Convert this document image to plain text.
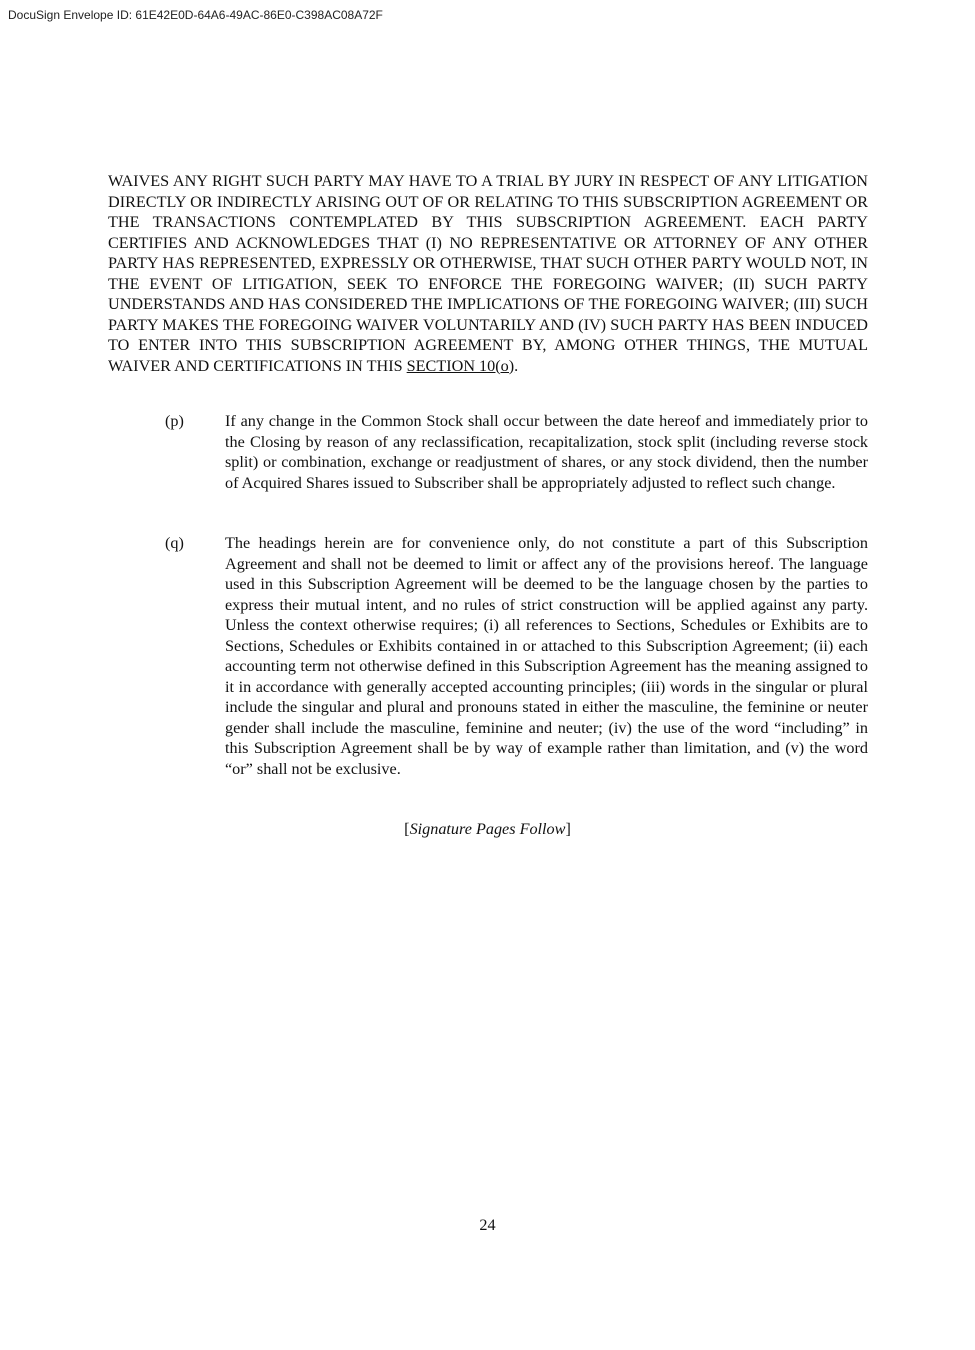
DocuSign Envelope ID: 61E42E0D-64A6-49AC-86E0-C398AC08A72F
WAIVES ANY RIGHT SUCH PARTY MAY HAVE TO A TRIAL BY JURY IN RESPECT OF ANY LITIGATION DIRECTLY OR INDIRECTLY ARISING OUT OF OR RELATING TO THIS SUBSCRIPTION AGREEMENT OR THE TRANSACTIONS CONTEMPLATED BY THIS SUBSCRIPTION AGREEMENT. EACH PARTY CERTIFIES AND ACKNOWLEDGES THAT (I) NO REPRESENTATIVE OR ATTORNEY OF ANY OTHER PARTY HAS REPRESENTED, EXPRESSLY OR OTHERWISE, THAT SUCH OTHER PARTY WOULD NOT, IN THE EVENT OF LITIGATION, SEEK TO ENFORCE THE FOREGOING WAIVER; (II) SUCH PARTY UNDERSTANDS AND HAS CONSIDERED THE IMPLICATIONS OF THE FOREGOING WAIVER; (III) SUCH PARTY MAKES THE FOREGOING WAIVER VOLUNTARILY AND (IV) SUCH PARTY HAS BEEN INDUCED TO ENTER INTO THIS SUBSCRIPTION AGREEMENT BY, AMONG OTHER THINGS, THE MUTUAL WAIVER AND CERTIFICATIONS IN THIS SECTION 10(o).
(p)	If any change in the Common Stock shall occur between the date hereof and immediately prior to the Closing by reason of any reclassification, recapitalization, stock split (including reverse stock split) or combination, exchange or readjustment of shares, or any stock dividend, then the number of Acquired Shares issued to Subscriber shall be appropriately adjusted to reflect such change.
(q)	The headings herein are for convenience only, do not constitute a part of this Subscription Agreement and shall not be deemed to limit or affect any of the provisions hereof. The language used in this Subscription Agreement will be deemed to be the language chosen by the parties to express their mutual intent, and no rules of strict construction will be applied against any party. Unless the context otherwise requires; (i) all references to Sections, Schedules or Exhibits are to Sections, Schedules or Exhibits contained in or attached to this Subscription Agreement; (ii) each accounting term not otherwise defined in this Subscription Agreement has the meaning assigned to it in accordance with generally accepted accounting principles; (iii) words in the singular or plural include the singular and plural and pronouns stated in either the masculine, the feminine or neuter gender shall include the masculine, feminine and neuter; (iv) the use of the word “including” in this Subscription Agreement shall be by way of example rather than limitation, and (v) the word “or” shall not be exclusive.
[Signature Pages Follow]
24
